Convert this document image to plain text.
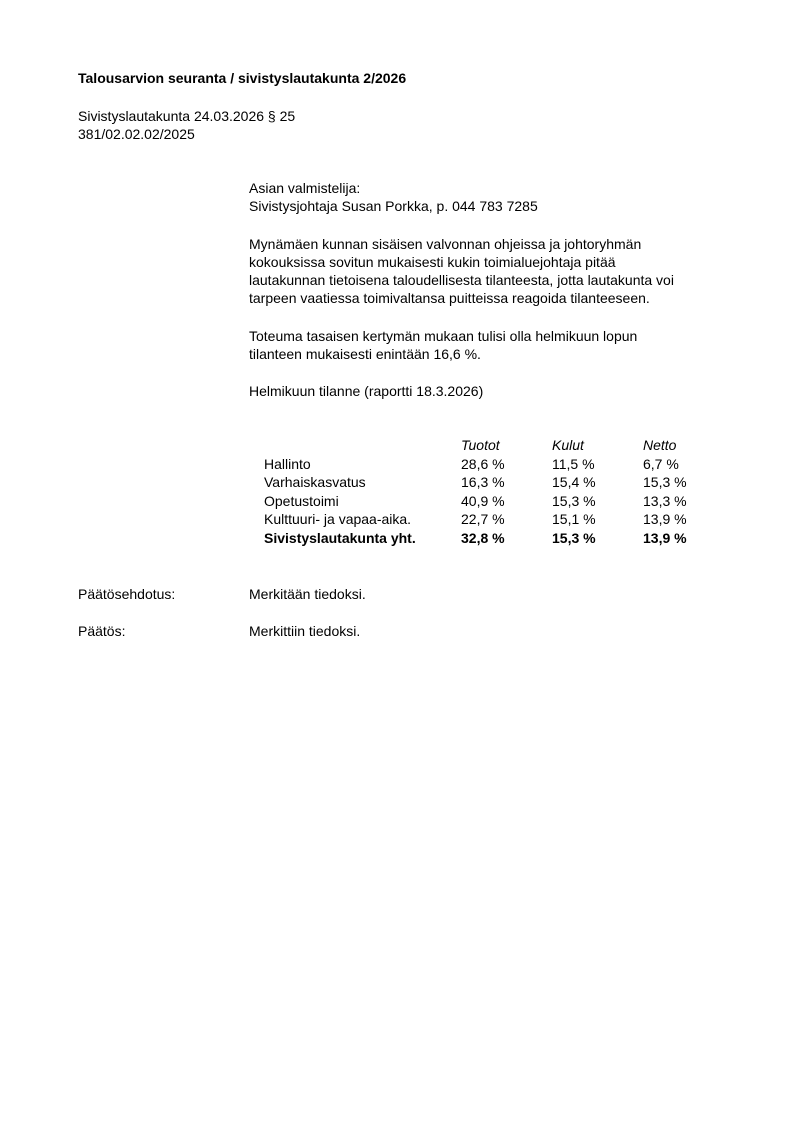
Talousarvion seuranta / sivistyslautakunta 2/2026
Sivistyslautakunta 24.03.2026 § 25
381/02.02.02/2025
Asian valmistelija:
Sivistysjohtaja Susan Porkka, p. 044 783 7285
Mynämäen kunnan sisäisen valvonnan ohjeissa ja johtoryhmän
kokouksissa sovitun mukaisesti kukin toimialuejohtaja pitää
lautakunnan tietoisena taloudellisesta tilanteesta, jotta lautakunta voi
tarpeen vaatiessa toimivaltansa puitteissa reagoida tilanteeseen.
Toteuma tasaisen kertymän mukaan tulisi olla helmikuun lopun
tilanteen mukaisesti enintään 16,6 %.
Helmikuun tilanne (raportti 18.3.2026)
	Tuotot	Kulut	Netto
Hallinto	28,6 %	11,5 %	6,7 %
Varhaiskasvatus	16,3 %	15,4 %	15,3 %
Opetustoimi	40,9 %	15,3 %	13,3 %
Kulttuuri- ja vapaa-aika.	22,7 %	15,1 %	13,9 %
Sivistyslautakunta yht.	32,8 %	15,3 %	13,9 %
Päätösehdotus:	Merkitään tiedoksi.
Päätös:	Merkittiin tiedoksi.
